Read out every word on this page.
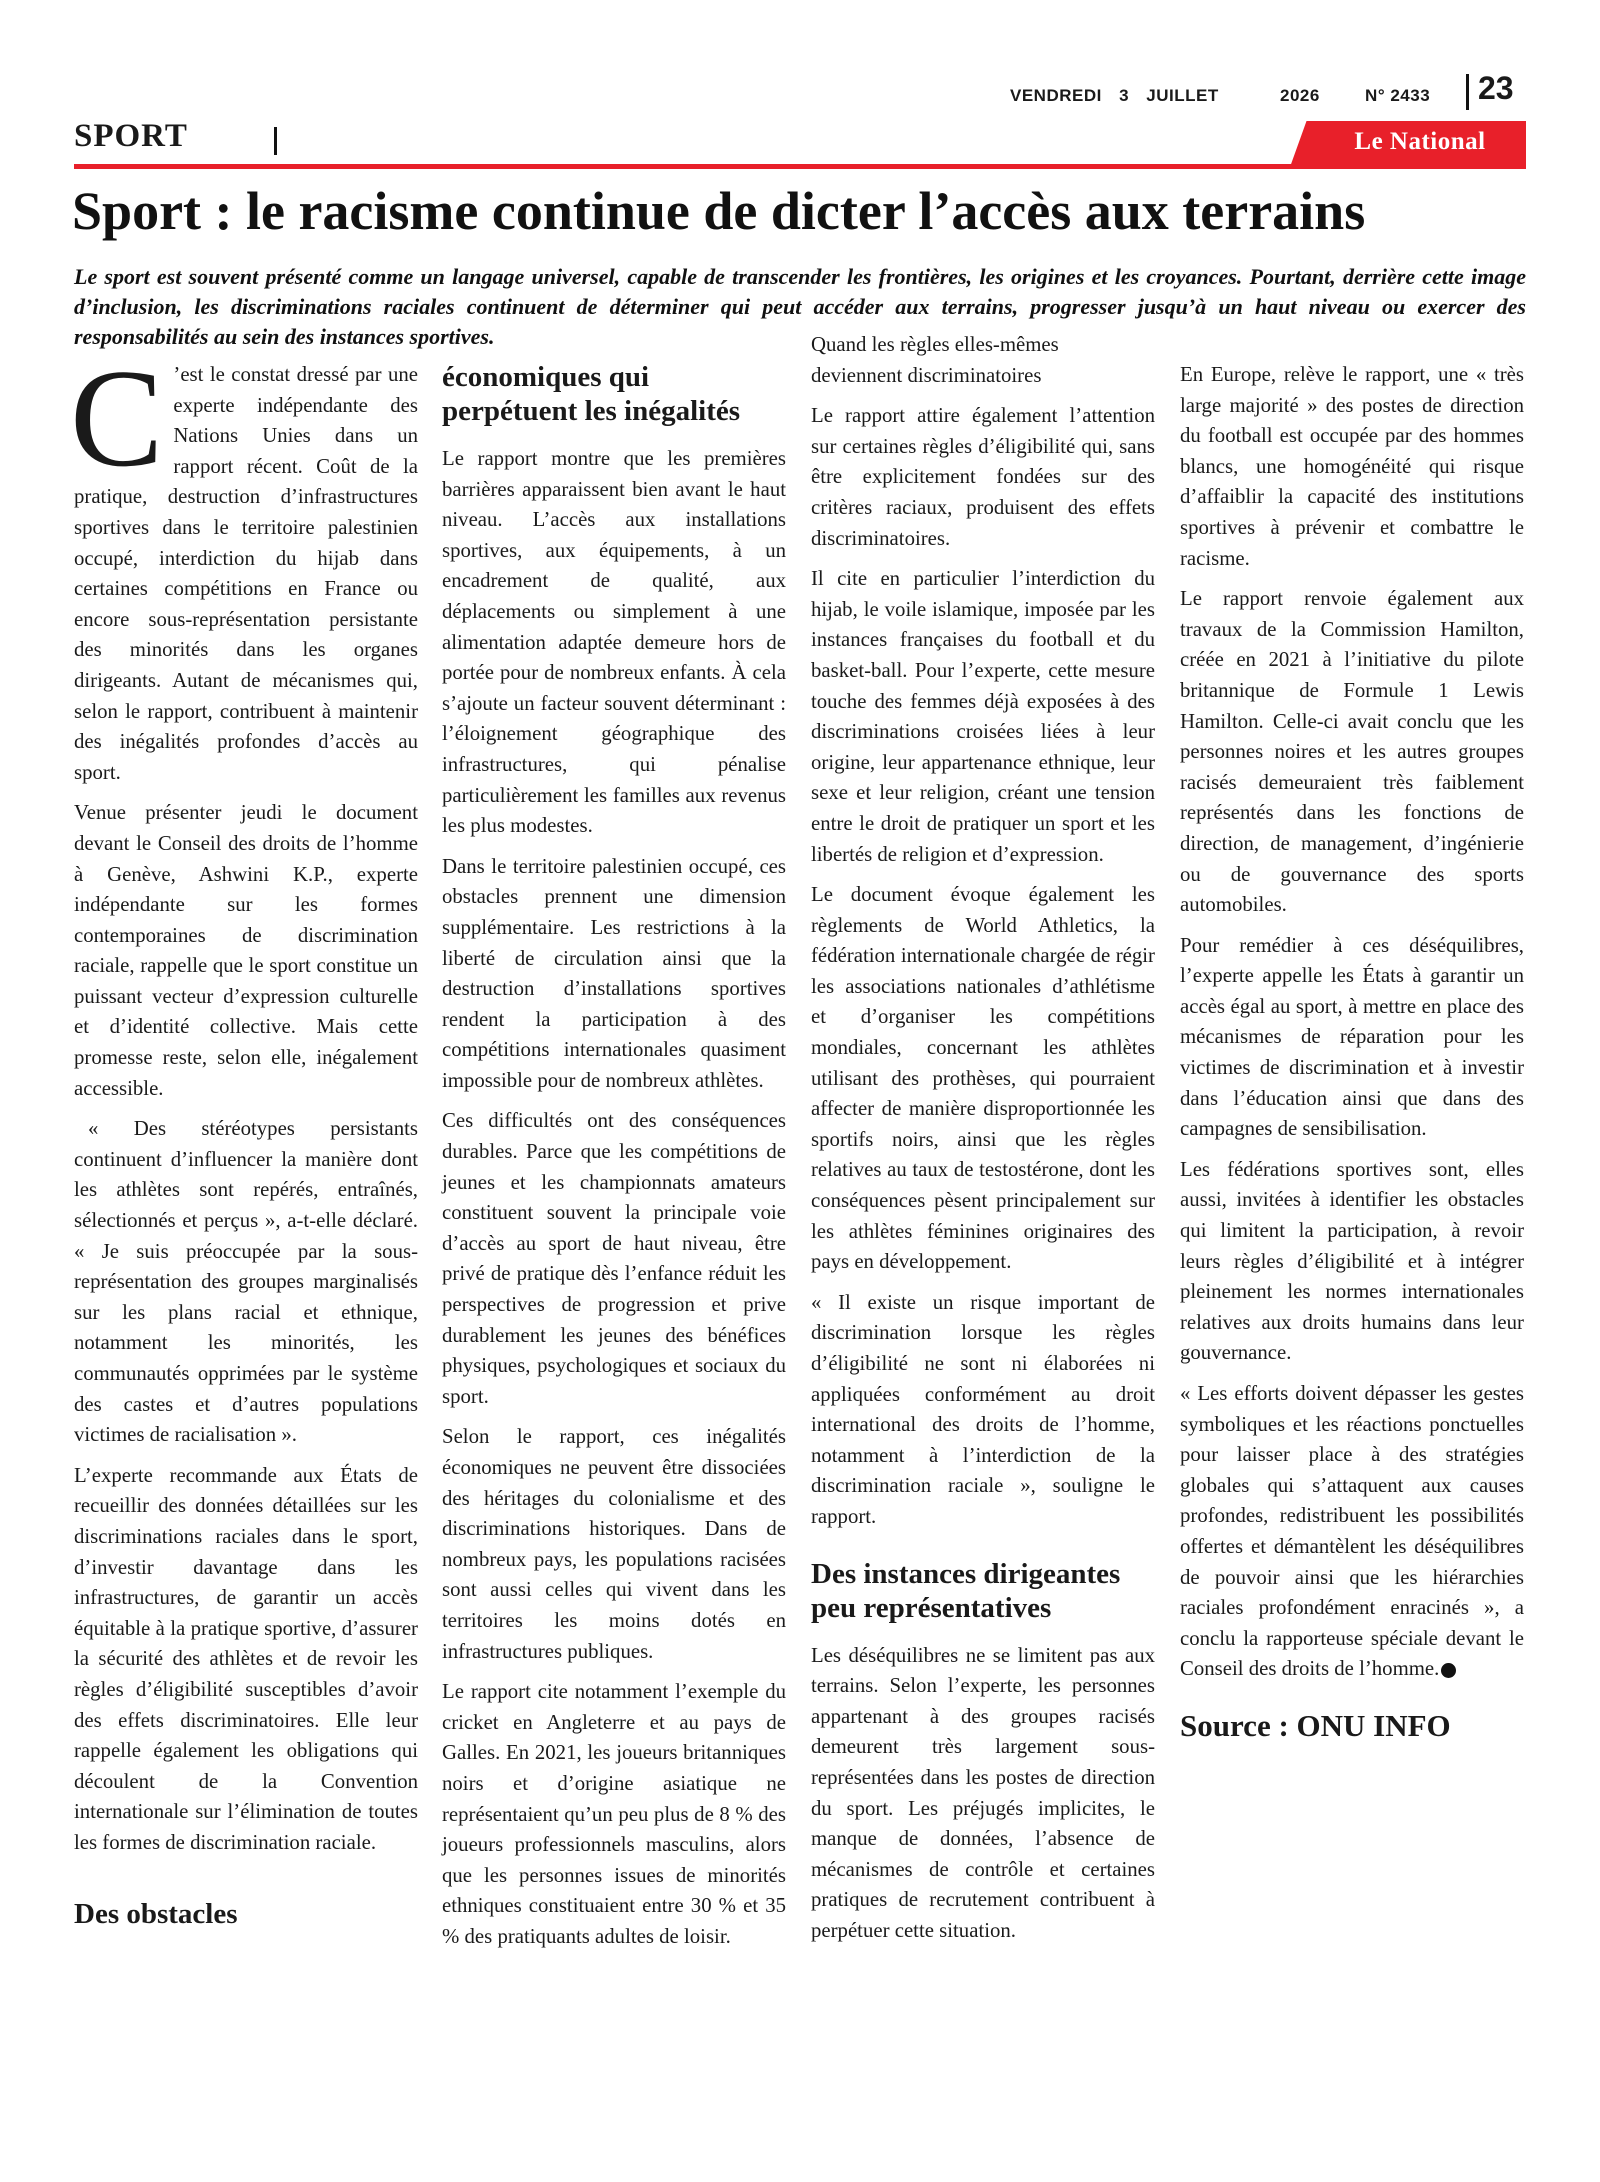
VENDREDI 3 JUILLET	2026	N° 2433 23
SPORT	Le National
Sport : le racisme continue de dicter l’accès aux terrains
Le sport est souvent présenté comme un langage universel, capable de transcender les frontières, les origines et les croyances. Pourtant, derrière cette image d’inclusion, les discriminations raciales continuent de déterminer qui peut accéder aux terrains, progresser jusqu’à un haut niveau ou exercer des responsabilités au sein des instances sportives.

C ’est le constat dressé par une experte indépendante des Nations Unies dans un rapport récent. Coût de la pratique, destruction d’infrastructures sportives dans le territoire palestinien occupé, interdiction du hijab dans certaines compétitions en France ou encore sous-représentation persistante des minorités dans les organes dirigeants. Autant de mécanismes qui, selon le rapport, contribuent à maintenir des inégalités profondes d’accès au sport.

Venue présenter jeudi le document devant le Conseil des droits de l’homme à Genève, Ashwini K.P., experte indépendante sur les formes contemporaines de discrimination raciale, rappelle que le sport constitue un puissant vecteur d’expression culturelle et d’identité collective. Mais cette promesse reste, selon elle, inégalement accessible.

« Des stéréotypes persistants continuent d’influencer la manière dont les athlètes sont repérés, entraînés, sélectionnés et perçus », a-t-elle déclaré. « Je suis préoccupée par la sous-représentation des groupes marginalisés sur les plans racial et ethnique, notamment les minorités, les communautés opprimées par le système des castes et d’autres populations victimes de racialisation ».

L’experte recommande aux États de recueillir des données détaillées sur les discriminations raciales dans le sport, d’investir davantage dans les infrastructures, de garantir un accès équitable à la pratique sportive, d’assurer la sécurité des athlètes et de revoir les règles d’éligibilité susceptibles d’avoir des effets discriminatoires. Elle leur rappelle également les obligations qui découlent de la Convention internationale sur l’élimination de toutes les formes de discrimination raciale.

Des obstacles
économiques qui perpétuent les inégalités

Le rapport montre que les premières barrières apparaissent bien avant le haut niveau. L’accès aux installations sportives, aux équipements, à un encadrement de qualité, aux déplacements ou simplement à une alimentation adaptée demeure hors de portée pour de nombreux enfants. À cela s’ajoute un facteur souvent déterminant : l’éloignement géographique des infrastructures, qui pénalise particulièrement les familles aux revenus les plus modestes.

Dans le territoire palestinien occupé, ces obstacles prennent une dimension supplémentaire. Les restrictions à la liberté de circulation ainsi que la destruction d’installations sportives rendent la participation à des compétitions internationales quasiment impossible pour de nombreux athlètes.

Ces difficultés ont des conséquences durables. Parce que les compétitions de jeunes et les championnats amateurs constituent souvent la principale voie d’accès au sport de haut niveau, être privé de pratique dès l’enfance réduit les perspectives de progression et prive durablement les jeunes des bénéfices physiques, psychologiques et sociaux du sport.

Selon le rapport, ces inégalités économiques ne peuvent être dissociées des héritages du colonialisme et des discriminations historiques. Dans de nombreux pays, les populations racisées sont aussi celles qui vivent dans les territoires les moins dotés en infrastructures publiques.

Le rapport cite notamment l’exemple du cricket en Angleterre et au pays de Galles. En 2021, les joueurs britanniques noirs et d’origine asiatique ne représentaient qu’un peu plus de 8 % des joueurs professionnels masculins, alors que les personnes issues de minorités ethniques constituaient entre 30 % et 35 % des pratiquants adultes de loisir.

Quand les règles elles-mêmes deviennent discriminatoires

Le rapport attire également l’attention sur certaines règles d’éligibilité qui, sans être explicitement fondées sur des critères raciaux, produisent des effets discriminatoires.

Il cite en particulier l’interdiction du hijab, le voile islamique, imposée par les instances françaises du football et du basket-ball. Pour l’experte, cette mesure touche des femmes déjà exposées à des discriminations croisées liées à leur origine, leur appartenance ethnique, leur sexe et leur religion, créant une tension entre le droit de pratiquer un sport et les libertés de religion et d’expression.

Le document évoque également les règlements de World Athletics, la fédération internationale chargée de régir les associations nationales d’athlétisme et d’organiser les compétitions mondiales, concernant les athlètes utilisant des prothèses, qui pourraient affecter de manière disproportionnée les sportifs noirs, ainsi que les règles relatives au taux de testostérone, dont les conséquences pèsent principalement sur les athlètes féminines originaires des pays en développement.

« Il existe un risque important de discrimination lorsque les règles d’éligibilité ne sont ni élaborées ni appliquées conformément au droit international des droits de l’homme, notamment à l’interdiction de la discrimination raciale », souligne le rapport.

Des instances dirigeantes peu représentatives

Les déséquilibres ne se limitent pas aux terrains. Selon l’experte, les personnes appartenant à des groupes racisés demeurent très largement sous-représentées dans les postes de direction du sport. Les préjugés implicites, le manque de données, l’absence de mécanismes de contrôle et certaines pratiques de recrutement contribuent à perpétuer cette situation.

En Europe, relève le rapport, une « très large majorité » des postes de direction du football est occupée par des hommes blancs, une homogénéité qui risque d’affaiblir la capacité des institutions sportives à prévenir et combattre le racisme.

Le rapport renvoie également aux travaux de la Commission Hamilton, créée en 2021 à l’initiative du pilote britannique de Formule 1 Lewis Hamilton. Celle-ci avait conclu que les personnes noires et les autres groupes racisés demeuraient très faiblement représentés dans les fonctions de direction, de management, d’ingénierie ou de gouvernance des sports automobiles.

Pour remédier à ces déséquilibres, l’experte appelle les États à garantir un accès égal au sport, à mettre en place des mécanismes de réparation pour les victimes de discrimination et à investir dans l’éducation ainsi que dans des campagnes de sensibilisation.

Les fédérations sportives sont, elles aussi, invitées à identifier les obstacles qui limitent la participation, à revoir leurs règles d’éligibilité et à intégrer pleinement les normes internationales relatives aux droits humains dans leur gouvernance.

« Les efforts doivent dépasser les gestes symboliques et les réactions ponctuelles pour laisser place à des stratégies globales qui s’attaquent aux causes profondes, redistribuent les possibilités offertes et démantèlent les déséquilibres de pouvoir ainsi que les hiérarchies raciales profondément enracinés », a conclu la rapporteuse spéciale devant le Conseil des droits de l’homme.

Source : ONU INFO
